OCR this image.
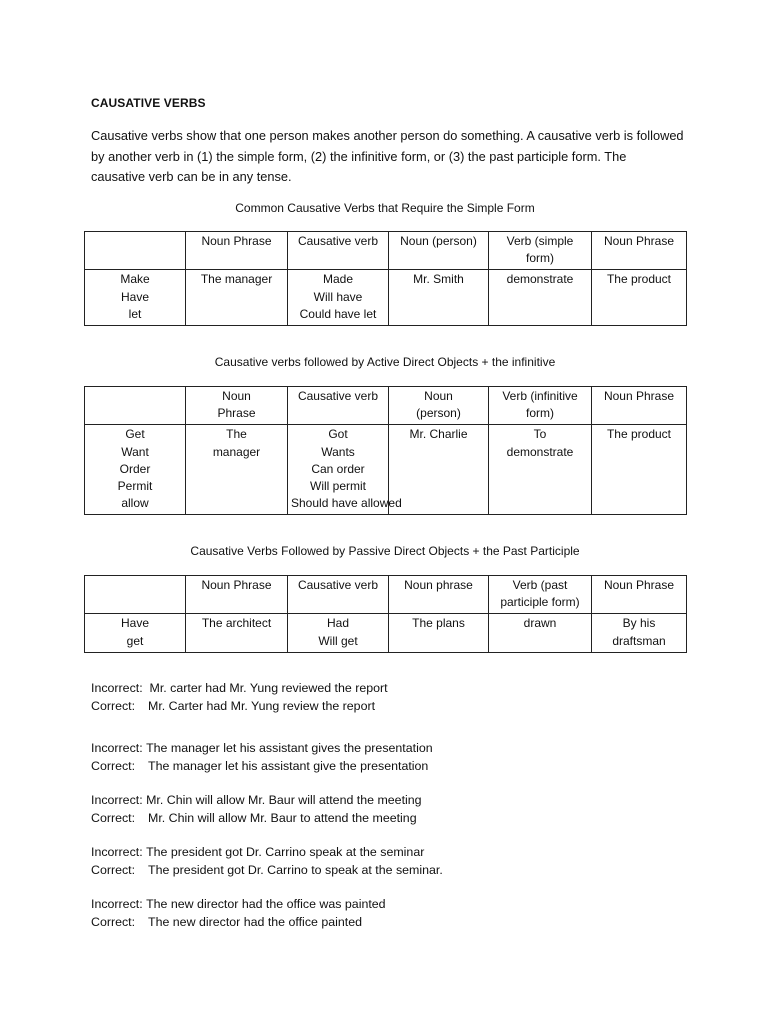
CAUSATIVE VERBS
Causative verbs show that one person makes another person do something. A causative verb is followed
by another verb in (1) the simple form, (2) the infinitive form, or (3) the past participle form. The
causative verb can be in any tense.
Common Causative Verbs that Require the Simple Form

	Noun Phrase	Causative verb	Noun (person)	Verb (simple
form)	Noun Phrase

Make
Have
let	The manager	Made
Will have
Could have let	Mr. Smith	demonstrate	The product
Causative verbs followed by Active Direct Objects + the infinitive

	Noun
Phrase	Causative verb	Noun
(person)	Verb (infinitive
form)	Noun Phrase

Get
Want
Order
Permit
allow	The
manager	Got
Wants
Can order
Will permit
Should have allowed	Mr. Charlie	To
demonstrate	The product
Causative Verbs Followed by Passive Direct Objects + the Past Participle

	Noun Phrase	Causative verb	Noun phrase	Verb (past
participle form)	Noun Phrase

Have
get	The architect	Had
Will get	The plans	drawn	By his
draftsman
Incorrect: Mr. carter had Mr. Yung reviewed the report
Correct:	Mr. Carter had Mr. Yung review the report
Incorrect: The manager let his assistant gives the presentation
Correct:	The manager let his assistant give the presentation
Incorrect: Mr. Chin will allow Mr. Baur will attend the meeting
Correct:	Mr. Chin will allow Mr. Baur to attend the meeting
Incorrect: The president got Dr. Carrino speak at the seminar
Correct:	The president got Dr. Carrino to speak at the seminar.
Incorrect: The new director had the office was painted
Correct:	The new director had the office painted
